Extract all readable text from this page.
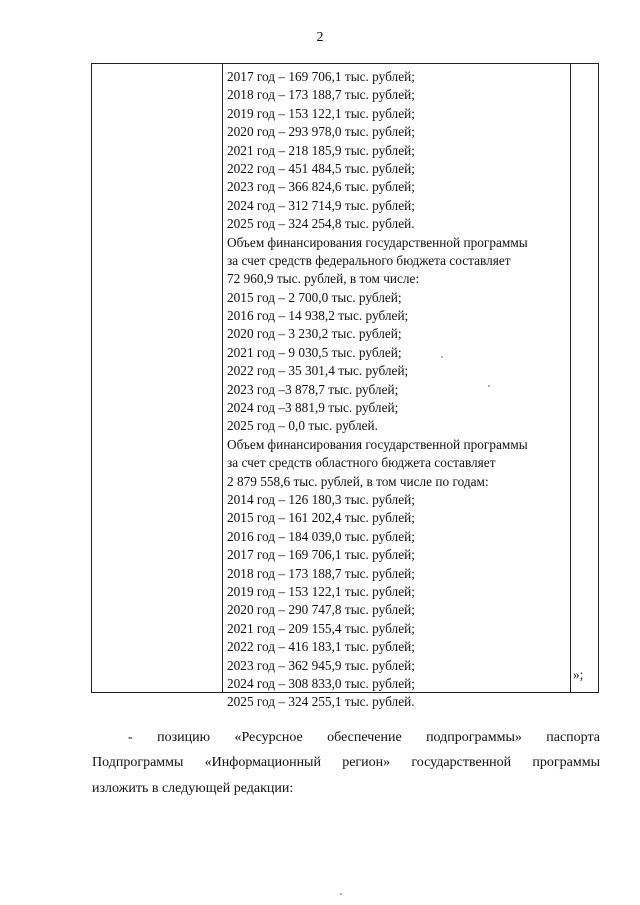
2
2017 год – 169 706,1 тыс. рублей;
2018 год – 173 188,7 тыс. рублей;
2019 год – 153 122,1 тыс. рублей;
2020 год – 293 978,0 тыс. рублей;
2021 год – 218 185,9 тыс. рублей;
2022 год – 451 484,5 тыс. рублей;
2023 год – 366 824,6 тыс. рублей;
2024 год – 312 714,9 тыс. рублей;
2025 год – 324 254,8 тыс. рублей.
Объем финансирования государственной программы
за счет средств федерального бюджета составляет
72 960,9 тыс. рублей, в том числе:
2015 год – 2 700,0 тыс. рублей;
2016 год – 14 938,2 тыс. рублей;
2020 год – 3 230,2 тыс. рублей;
2021 год – 9 030,5 тыс. рублей;
2022 год – 35 301,4 тыс. рублей;
2023 год –3 878,7 тыс. рублей;
2024 год –3 881,9 тыс. рублей;
2025 год – 0,0 тыс. рублей.
Объем финансирования государственной программы
за счет средств областного бюджета составляет
2 879 558,6 тыс. рублей, в том числе по годам:
2014 год – 126 180,3 тыс. рублей;
2015 год – 161 202,4 тыс. рублей;
2016 год – 184 039,0 тыс. рублей;
2017 год – 169 706,1 тыс. рублей;
2018 год – 173 188,7 тыс. рублей;
2019 год – 153 122,1 тыс. рублей;
2020 год – 290 747,8 тыс. рублей;
2021 год – 209 155,4 тыс. рублей;
2022 год – 416 183,1 тыс. рублей;
2023 год – 362 945,9 тыс. рублей;
2024 год – 308 833,0 тыс. рублей;
2025 год – 324 255,1 тыс. рублей.
»;
- позицию «Ресурсное обеспечение подпрограммы» паспорта
Подпрограммы «Информационный регион» государственной программы
изложить в следующей редакции:
